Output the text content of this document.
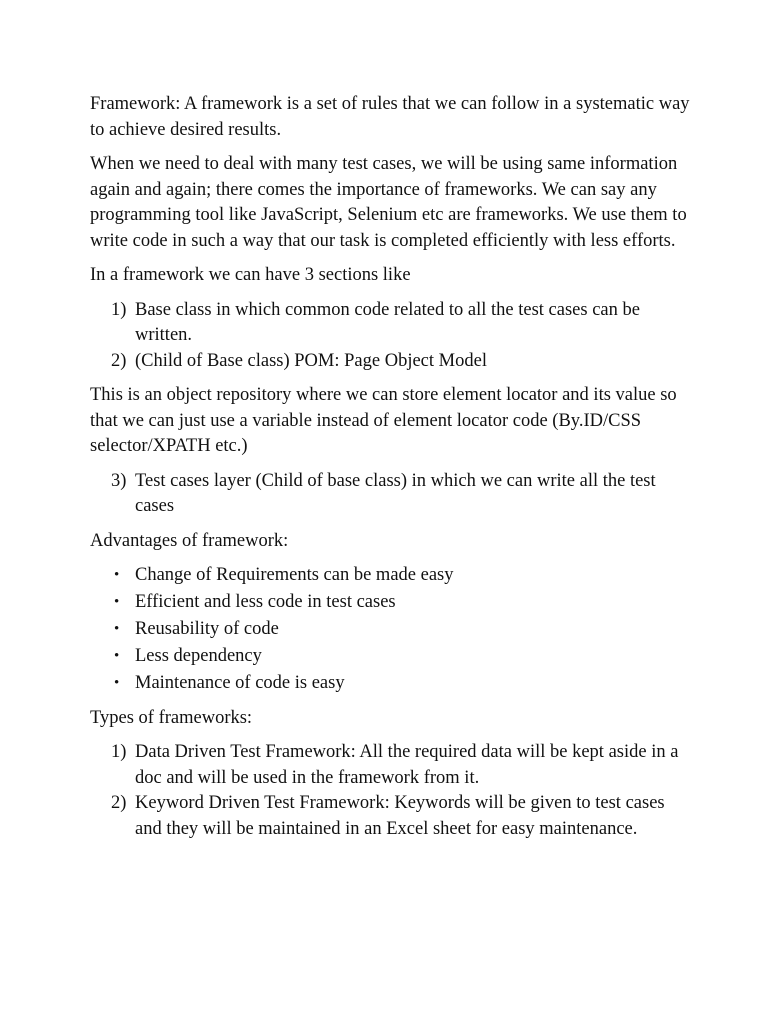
Framework: A framework is a set of rules that we can follow in a systematic way to achieve desired results.

When we need to deal with many test cases, we will be using same information again and again; there comes the importance of frameworks. We can say any programming tool like JavaScript, Selenium etc are frameworks. We use them to write code in such a way that our task is completed efficiently with less efforts.

In a framework we can have 3 sections like

1) Base class in which common code related to all the test cases can be written.
2) (Child of Base class) POM: Page Object Model

This is an object repository where we can store element locator and its value so that we can just use a variable instead of element locator code (By.ID/CSS selector/XPATH etc.)

3) Test cases layer (Child of base class) in which we can write all the test cases

Advantages of framework:

• Change of Requirements can be made easy
• Efficient and less code in test cases
• Reusability of code
• Less dependency
• Maintenance of code is easy

Types of frameworks:

1) Data Driven Test Framework: All the required data will be kept aside in a doc and will be used in the framework from it.
2) Keyword Driven Test Framework: Keywords will be given to test cases and they will be maintained in an Excel sheet for easy maintenance.
